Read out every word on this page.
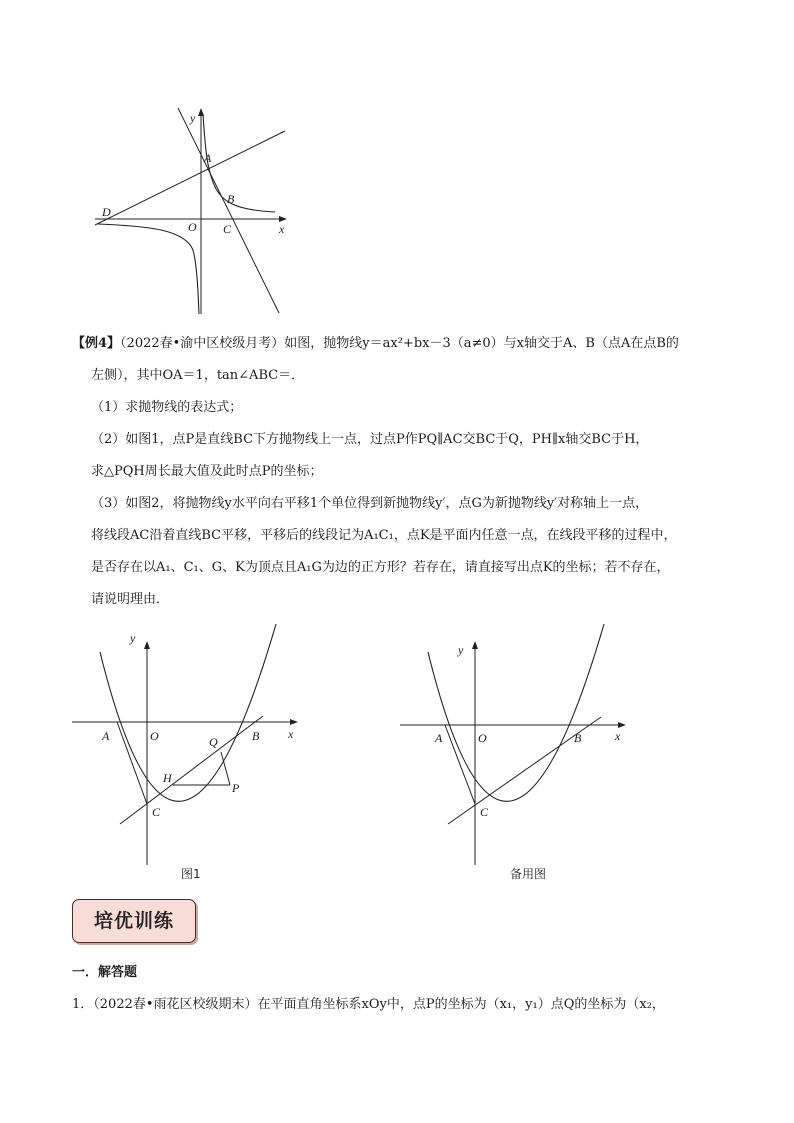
y
A
B
D
O C	x
【例4】（2022春•渝中区校级月考）如图，抛物线y＝ax²+bx－3（a≠0）与x轴交于A、B（点A在点B的
左侧），其中OA＝1，tan∠ABC＝．
（1）求抛物线的表达式；
（2）如图1，点P是直线BC下方抛物线上一点，过点P作PQ∥AC交BC于Q，PH∥x轴交BC于H，
求△PQH周长最大值及此时点P的坐标；
（3）如图2，将抛物线y水平向右平移1个单位得到新抛物线y′，点G为新抛物线y′对称轴上一点，
将线段AC沿着直线BC平移，平移后的线段记为A₁C₁，点K是平面内任意一点，在线段平移的过程中，
是否存在以A₁、C₁、G、K为顶点且A₁G为边的正方形？若存在，请直接写出点K的坐标；若不存在，
请说明理由．
y
x
A	O	B
Q
H
P
C
图1
y
x
A	O	B
C
备用图
培优训练
一．解答题
1．（2022春•雨花区校级期末）在平面直角坐标系xOy中，点P的坐标为（x₁，y₁）点Q的坐标为（x₂，
